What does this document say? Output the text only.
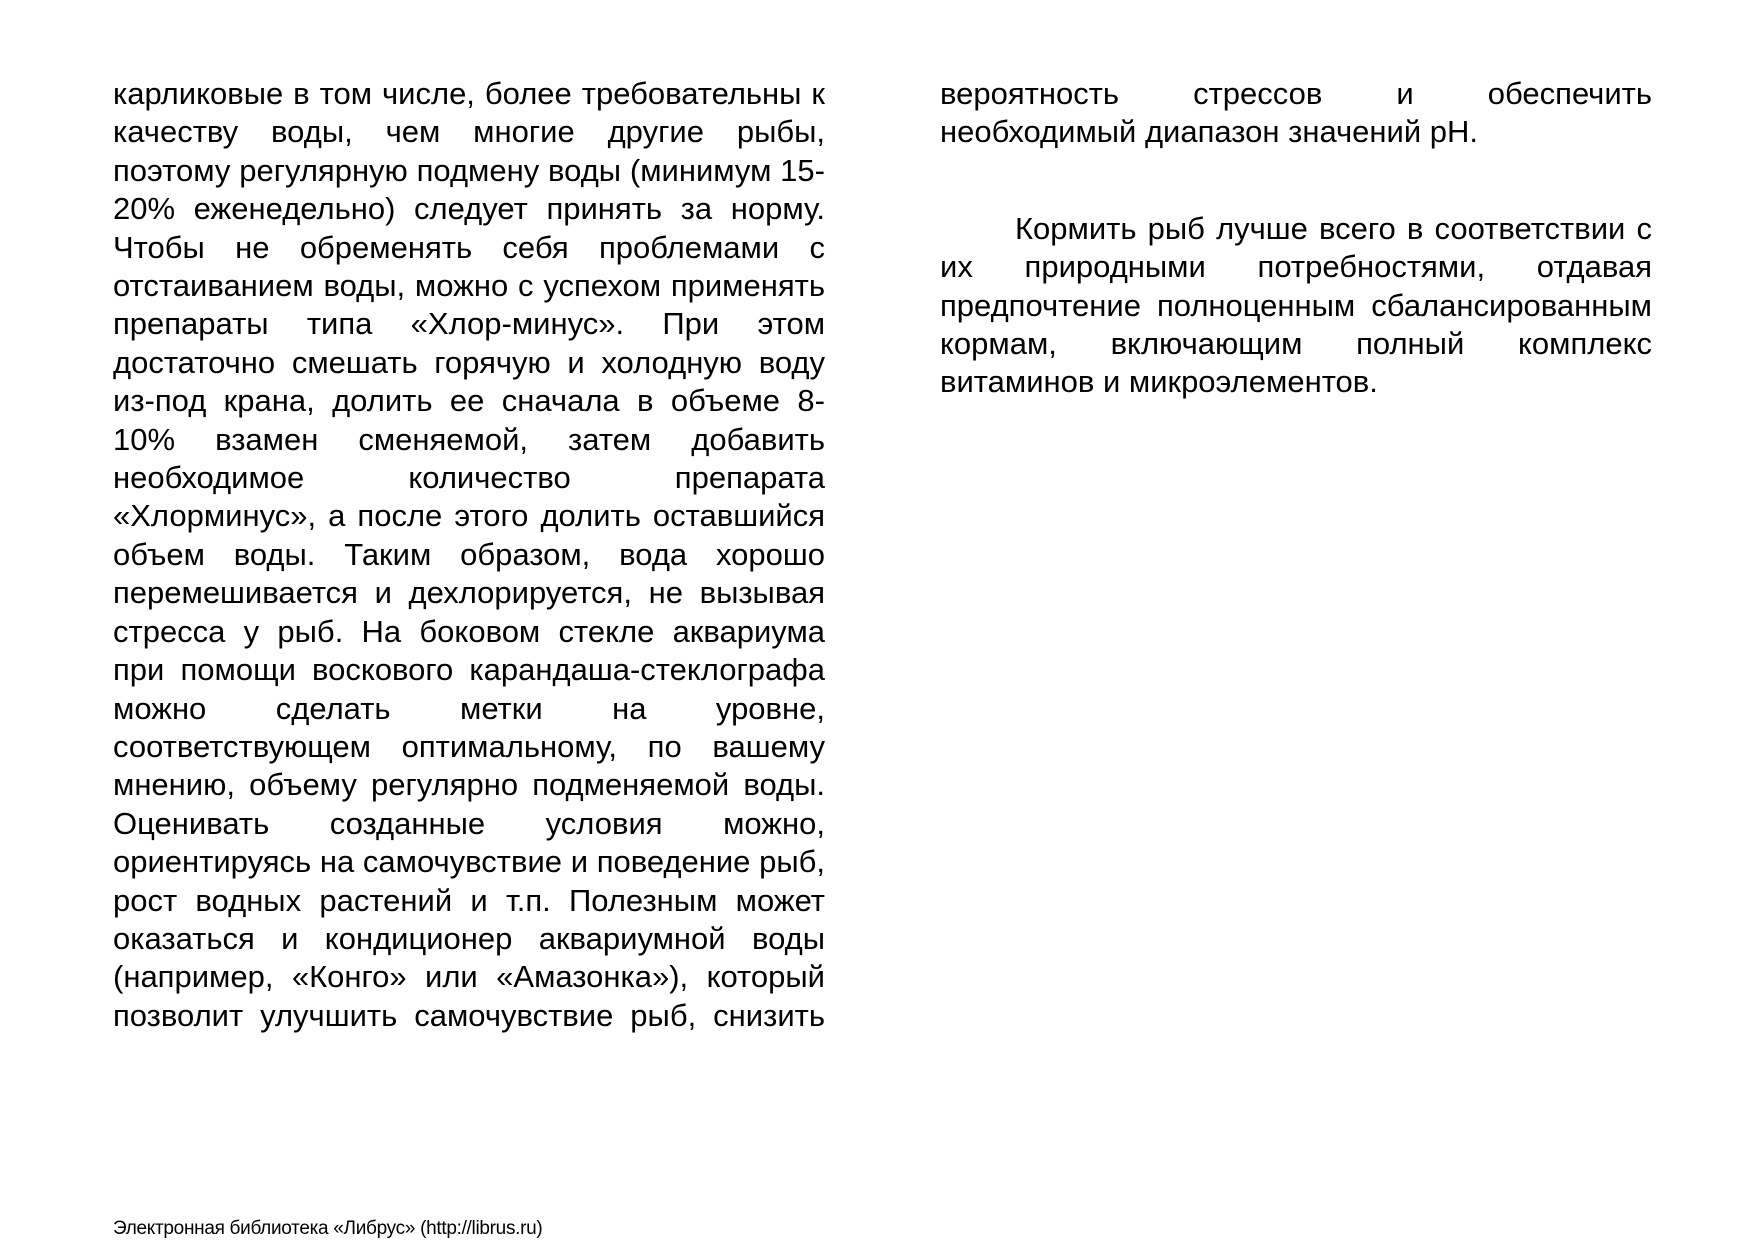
карликовые в том числе, более требовательны к качеству воды, чем многие другие рыбы, поэтому регулярную подмену воды (минимум 15-20% еженедельно) следует принять за норму. Чтобы не обременять себя проблемами с отстаиванием воды, можно с успехом применять препараты типа «Хлор-минус». При этом достаточно смешать горячую и холодную воду из-под крана, долить ее сначала в объеме 8-10% взамен сменяемой, затем добавить необходимое количество препарата «Хлорминус», а после этого долить оставшийся объем воды. Таким образом, вода хорошо перемешивается и дехлорируется, не вызывая стресса у рыб. На боковом стекле аквариума при помощи воскового карандаша-стеклографа можно сделать метки на уровне, соответствующем оптимальному, по вашему мнению, объему регулярно подменяемой воды. Оценивать созданные условия можно, ориентируясь на самочувствие и поведение рыб, рост водных растений и т.п. Полезным может оказаться и кондиционер аквариумной воды (например, «Конго» или «Амазонка»), который позволит улучшить самочувствие рыб, снизить

вероятность стрессов и обеспечить необходимый диапазон значений pH.

Кормить рыб лучше всего в соответствии с их природными потребностями, отдавая предпочтение полноценным сбалансированным кормам, включающим полный комплекс витаминов и микроэлементов.

Электронная библиотека «Либрус» (http://librus.ru)
